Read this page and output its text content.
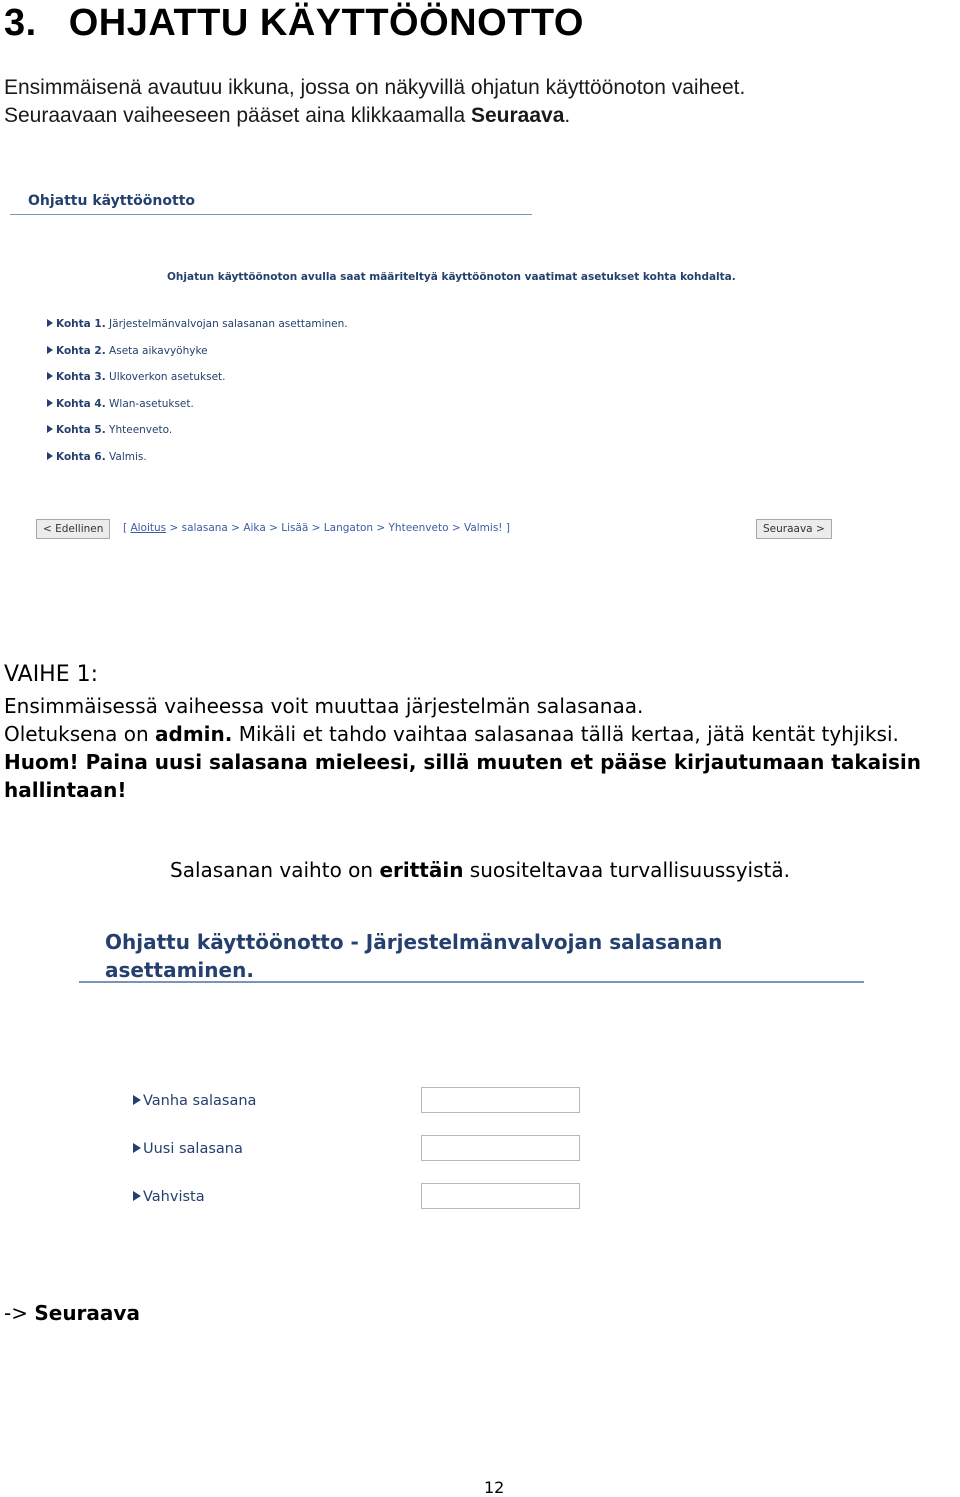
3. OHJATTU KÄYTTÖÖNOTTO

Ensimmäisenä avautuu ikkuna, jossa on näkyvillä ohjatun käyttöönoton vaiheet.
Seuraavaan vaiheeseen pääset aina klikkaamalla Seuraava.

Ohjattu käyttöönotto
Ohjatun käyttöönoton avulla saat määriteltyä käyttöönoton vaatimat asetukset kohta kohdalta.
Kohta 1. Järjestelmänvalvojan salasanan asettaminen.
Kohta 2. Aseta aikavyöhyke
Kohta 3. Ulkoverkon asetukset.
Kohta 4. Wlan-asetukset.
Kohta 5. Yhteenveto.
Kohta 6. Valmis.
< Edellinen	[ Aloitus > salasana > Aika > Lisää > Langaton > Yhteenveto > Valmis! ]	Seuraava >
VAIHE 1:

Ensimmäisessä vaiheessa voit muuttaa järjestelmän salasanaa.
Oletuksena on admin. Mikäli et tahdo vaihtaa salasanaa tällä kertaa, jätä kentät tyhjiksi.
Huom! Paina uusi salasana mieleesi, sillä muuten et pääse kirjautumaan takaisin hallintaan!

Salasanan vaihto on erittäin suositeltavaa turvallisuussyistä.

Ohjattu käyttöönotto - Järjestelmänvalvojan salasanan asettaminen.
Vanha salasana
Uusi salasana
Vahvista

-> Seuraava

12
